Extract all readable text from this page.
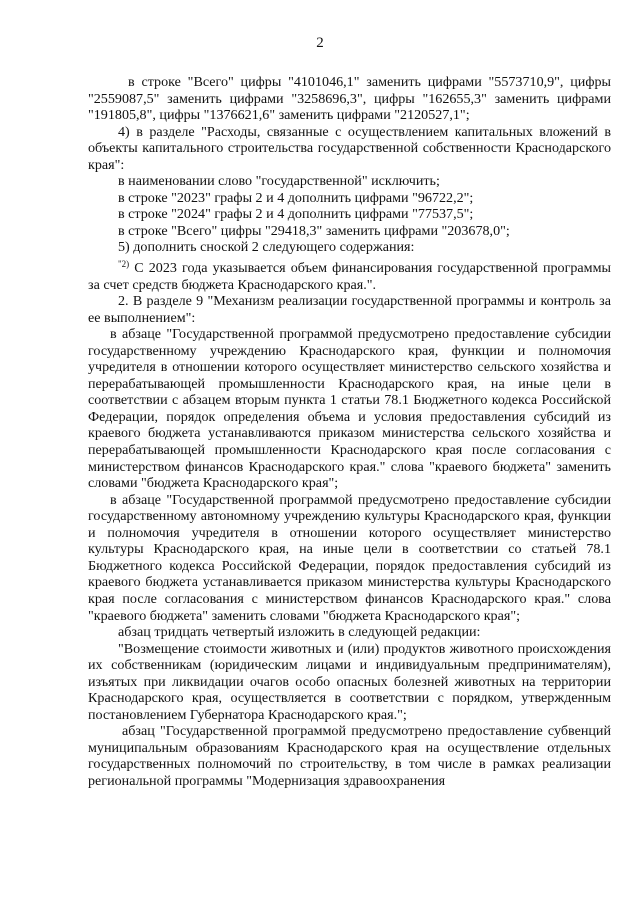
2

в строке "Всего" цифры "4101046,1" заменить цифрами "5573710,9", цифры "2559087,5" заменить цифрами "3258696,3", цифры "162655,3" заменить цифрами "191805,8", цифры "1376621,6" заменить цифрами "2120527,1";

4) в разделе "Расходы, связанные с осуществлением капитальных вложений в объекты капитального строительства государственной собственности Краснодарского края":

в наименовании слово "государственной" исключить;

в строке "2023" графы 2 и 4 дополнить цифрами "96722,2";

в строке "2024" графы 2 и 4 дополнить цифрами "77537,5";

в строке "Всего" цифры "29418,3" заменить цифрами "203678,0";

5) дополнить сноской 2 следующего содержания:

$^{"2)}$ С 2023 года указывается объем финансирования государственной программы за счет средств бюджета Краснодарского края.".

2. В разделе 9 "Механизм реализации государственной программы и контроль за ее выполнением":

в абзаце "Государственной программой предусмотрено предоставление субсидии государственному учреждению Краснодарского края, функции и полномочия учредителя в отношении которого осуществляет министерство сельского хозяйства и перерабатывающей промышленности Краснодарского края, на иные цели в соответствии с абзацем вторым пункта 1 статьи 78.1 Бюджетного кодекса Российской Федерации, порядок определения объема и условия предоставления субсидий из краевого бюджета устанавливаются приказом министерства сельского хозяйства и перерабатывающей промышленности Краснодарского края после согласования с министерством финансов Краснодарского края." слова "краевого бюджета" заменить словами "бюджета Краснодарского края";

в абзаце "Государственной программой предусмотрено предоставление субсидии государственному автономному учреждению культуры Краснодарского края, функции и полномочия учредителя в отношении которого осуществляет министерство культуры Краснодарского края, на иные цели в соответствии со статьей 78.1 Бюджетного кодекса Российской Федерации, порядок предоставления субсидий из краевого бюджета устанавливается приказом министерства культуры Краснодарского края после согласования с министерством финансов Краснодарского края." слова "краевого бюджета" заменить словами "бюджета Краснодарского края";

абзац тридцать четвертый изложить в следующей редакции:

"Возмещение стоимости животных и (или) продуктов животного происхождения их собственникам (юридическим лицами и индивидуальным предпринимателям), изъятых при ликвидации очагов особо опасных болезней животных на территории Краснодарского края, осуществляется в соответствии с порядком, утвержденным постановлением Губернатора Краснодарского края.";

абзац "Государственной программой предусмотрено предоставление субвенций муниципальным образованиям Краснодарского края на осуществление отдельных государственных полномочий по строительству, в том числе в рамках реализации региональной программы "Модернизация здравоохранения
